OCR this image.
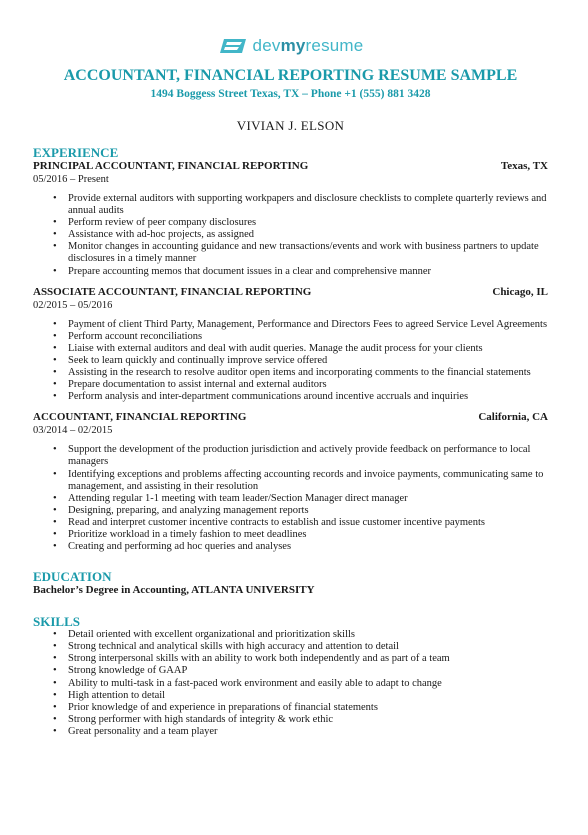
devmyresume
ACCOUNTANT, FINANCIAL REPORTING RESUME SAMPLE
1494 Boggess Street Texas, TX – Phone +1 (555) 881 3428
VIVIAN J. ELSON
EXPERIENCE
PRINCIPAL ACCOUNTANT, FINANCIAL REPORTING	Texas, TX
05/2016 – Present
• Provide external auditors with supporting workpapers and disclosure checklists to complete quarterly reviews and annual audits
• Perform review of peer company disclosures
• Assistance with ad-hoc projects, as assigned
• Monitor changes in accounting guidance and new transactions/events and work with business partners to update disclosures in a timely manner
• Prepare accounting memos that document issues in a clear and comprehensive manner
ASSOCIATE ACCOUNTANT, FINANCIAL REPORTING	Chicago, IL
02/2015 – 05/2016
• Payment of client Third Party, Management, Performance and Directors Fees to agreed Service Level Agreements
• Perform account reconciliations
• Liaise with external auditors and deal with audit queries. Manage the audit process for your clients
• Seek to learn quickly and continually improve service offered
• Assisting in the research to resolve auditor open items and incorporating comments to the financial statements
• Prepare documentation to assist internal and external auditors
• Perform analysis and inter-department communications around incentive accruals and inquiries
ACCOUNTANT, FINANCIAL REPORTING	California, CA
03/2014 – 02/2015
• Support the development of the production jurisdiction and actively provide feedback on performance to local managers
• Identifying exceptions and problems affecting accounting records and invoice payments, communicating same to management, and assisting in their resolution
• Attending regular 1-1 meeting with team leader/Section Manager direct manager
• Designing, preparing, and analyzing management reports
• Read and interpret customer incentive contracts to establish and issue customer incentive payments
• Prioritize workload in a timely fashion to meet deadlines
• Creating and performing ad hoc queries and analyses
EDUCATION
Bachelor’s Degree in Accounting, ATLANTA UNIVERSITY
SKILLS
• Detail oriented with excellent organizational and prioritization skills
• Strong technical and analytical skills with high accuracy and attention to detail
• Strong interpersonal skills with an ability to work both independently and as part of a team
• Strong knowledge of GAAP
• Ability to multi-task in a fast-paced work environment and easily able to adapt to change
• High attention to detail
• Prior knowledge of and experience in preparations of financial statements
• Strong performer with high standards of integrity & work ethic
• Great personality and a team player
